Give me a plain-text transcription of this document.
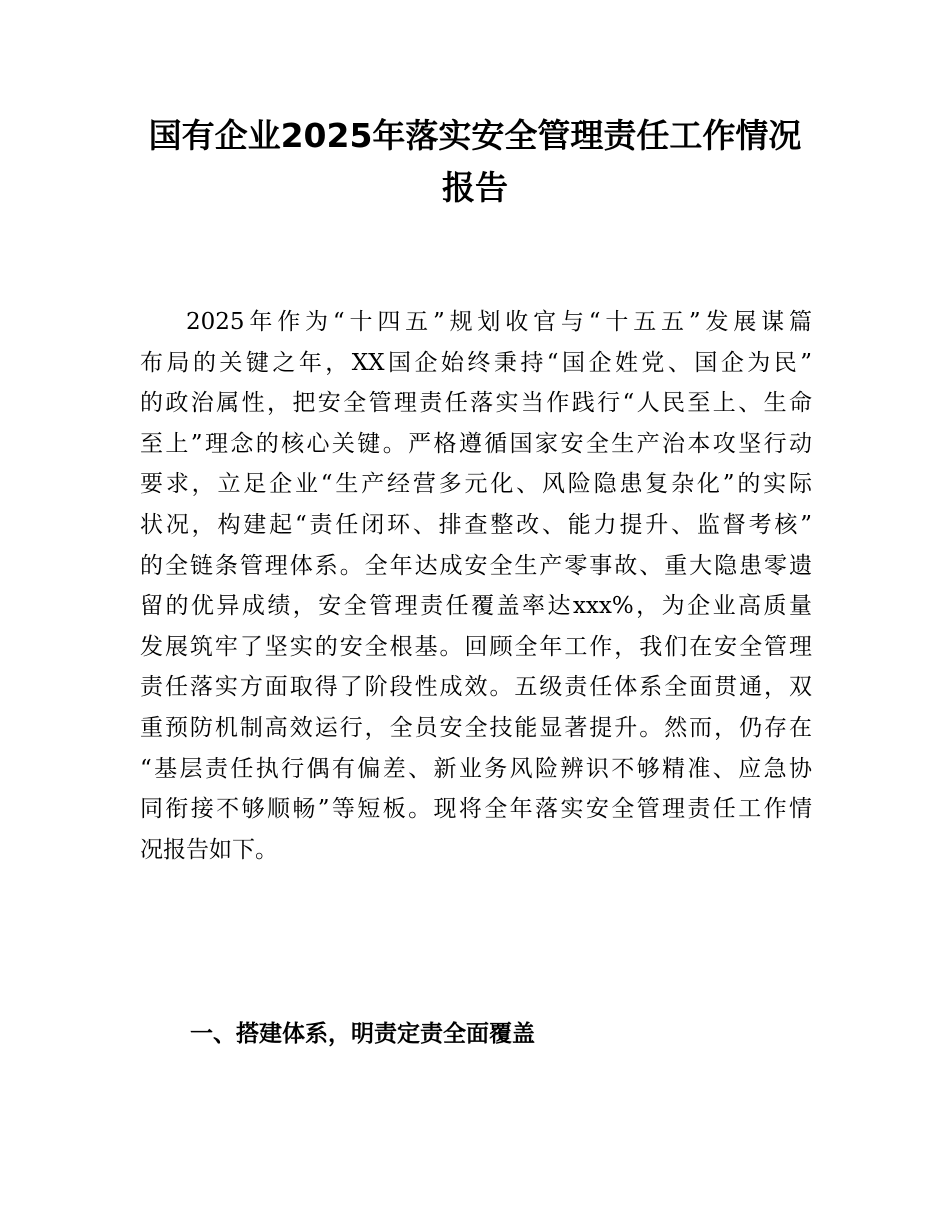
国有企业2025年落实安全管理责任工作情况
报告
2025年作为“十四五”规划收官与“十五五”发展谋篇
布局的关键之年，XX国企始终秉持“国企姓党、国企为民”
的政治属性，把安全管理责任落实当作践行“人民至上、生命
至上”理念的核心关键。严格遵循国家安全生产治本攻坚行动
要求，立足企业“生产经营多元化、风险隐患复杂化”的实际
状况，构建起“责任闭环、排查整改、能力提升、监督考核”
的全链条管理体系。全年达成安全生产零事故、重大隐患零遗
留的优异成绩，安全管理责任覆盖率达xxx%，为企业高质量
发展筑牢了坚实的安全根基。回顾全年工作，我们在安全管理
责任落实方面取得了阶段性成效。五级责任体系全面贯通，双
重预防机制高效运行，全员安全技能显著提升。然而，仍存在
“基层责任执行偶有偏差、新业务风险辨识不够精准、应急协
同衔接不够顺畅”等短板。现将全年落实安全管理责任工作情
况报告如下。
一、搭建体系，明责定责全面覆盖
